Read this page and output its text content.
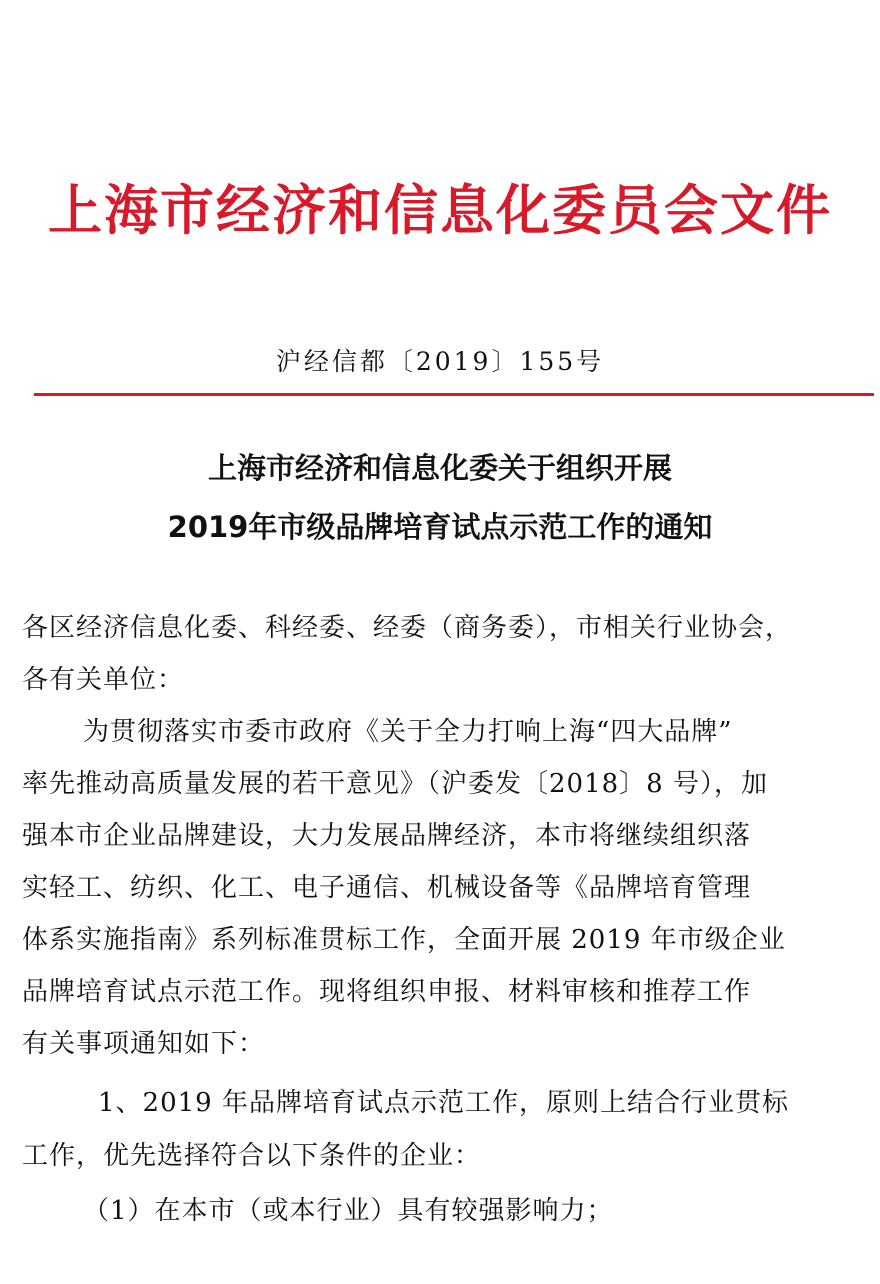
上海市经济和信息化委员会文件
沪经信都〔2019〕155号
上海市经济和信息化委关于组织开展
2019年市级品牌培育试点示范工作的通知
各区经济信息化委、科经委、经委（商务委），市相关行业协会，
各有关单位：
为贯彻落实市委市政府《关于全力打响上海“四大品牌”
率先推动高质量发展的若干意见》（沪委发〔2018〕8 号），加
强本市企业品牌建设，大力发展品牌经济，本市将继续组织落
实轻工、纺织、化工、电子通信、机械设备等《品牌培育管理
体系实施指南》系列标准贯标工作，全面开展 2019 年市级企业
品牌培育试点示范工作。现将组织申报、材料审核和推荐工作
有关事项通知如下：
1、2019 年品牌培育试点示范工作，原则上结合行业贯标
工作，优先选择符合以下条件的企业：
（1）在本市（或本行业）具有较强影响力；
